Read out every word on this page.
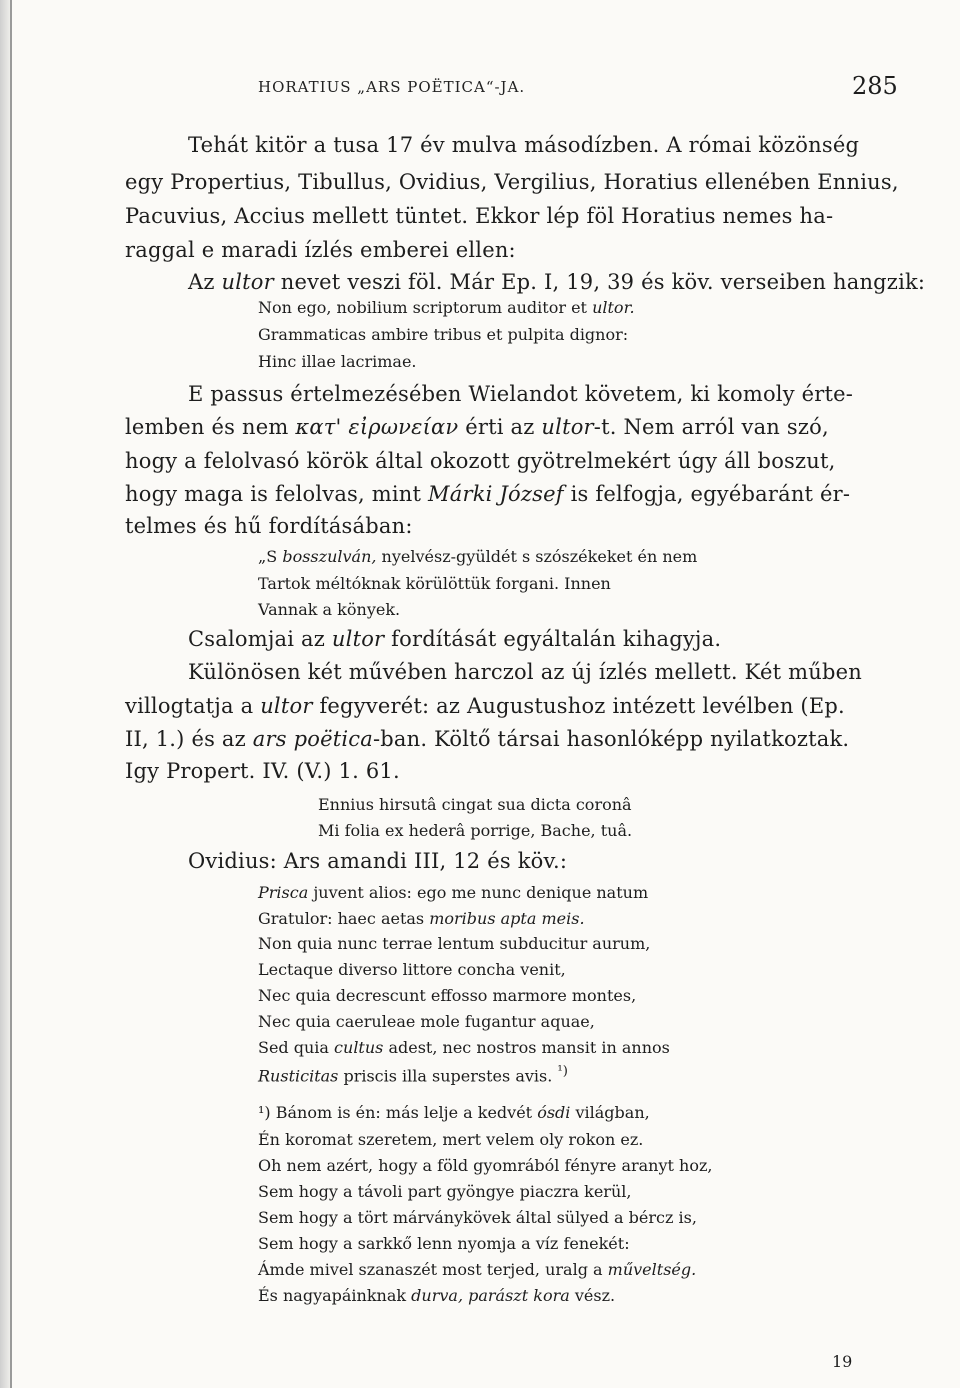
HORATIUS „ARS POËTICA“-JA.	285
Tehát kitör a tusa 17 év mulva másodízben. A római közönség
egy Propertius, Tibullus, Ovidius, Vergilius, Horatius ellenében Ennius,
Pacuvius, Accius mellett tüntet. Ekkor lép föl Horatius nemes ha-
raggal e maradi ízlés emberei ellen:
Az ultor nevet veszi föl. Már Ep. I, 19, 39 és köv. verseiben hangzik:
Non ego, nobilium scriptorum auditor et ultor.
Grammaticas ambire tribus et pulpita dignor:
Hinc illae lacrimae.
E passus értelmezésében Wielandot követem, ki komoly érte-
lemben és nem κατ' εἰρωνείαν érti az ultor-t. Nem arról van szó,
hogy a felolvasó körök által okozott gyötrelmekért úgy áll boszut,
hogy maga is felolvas, mint Márki József is felfogja, egyébaránt ér-
telmes és hű fordításában:
„S bosszulván, nyelvész-gyüldét s szószékeket én nem
Tartok méltóknak körülöttük forgani. Innen
Vannak a könyek.
Csalomjai az ultor fordítását egyáltalán kihagyja.
Különösen két művében harczol az új ízlés mellett. Két műben
villogtatja a ultor fegyverét: az Augustushoz intézett levélben (Ep.
II, 1.) és az ars poëtica-ban. Költő társai hasonlóképp nyilatkoztak.
Igy Propert. IV. (V.) 1. 61.
Ennius hirsutâ cingat sua dicta coronâ
Mi folia ex hederâ porrige, Bache, tuâ.
Ovidius: Ars amandi III, 12 és köv.:
Prisca juvent alios: ego me nunc denique natum
Gratulor: haec aetas moribus apta meis.
Non quia nunc terrae lentum subducitur aurum,
Lectaque diverso littore concha venit,
Nec quia decrescunt effosso marmore montes,
Nec quia caeruleae mole fugantur aquae,
Sed quia cultus adest, nec nostros mansit in annos
Rusticitas priscis illa superstes avis. $^{^1)}$
¹) Bánom is én: más lelje a kedvét ósdi világban,
Én koromat szeretem, mert velem oly rokon ez.
Oh nem azért, hogy a föld gyomrából fényre aranyt hoz,
Sem hogy a távoli part gyöngye piaczra kerül,
Sem hogy a tört márványkövek által sülyed a bércz is,
Sem hogy a sarkkő lenn nyomja a víz fenekét:
Ámde mivel szanaszét most terjed, uralg a műveltség.
És nagyapáinknak durva, parászt kora vész.
19
